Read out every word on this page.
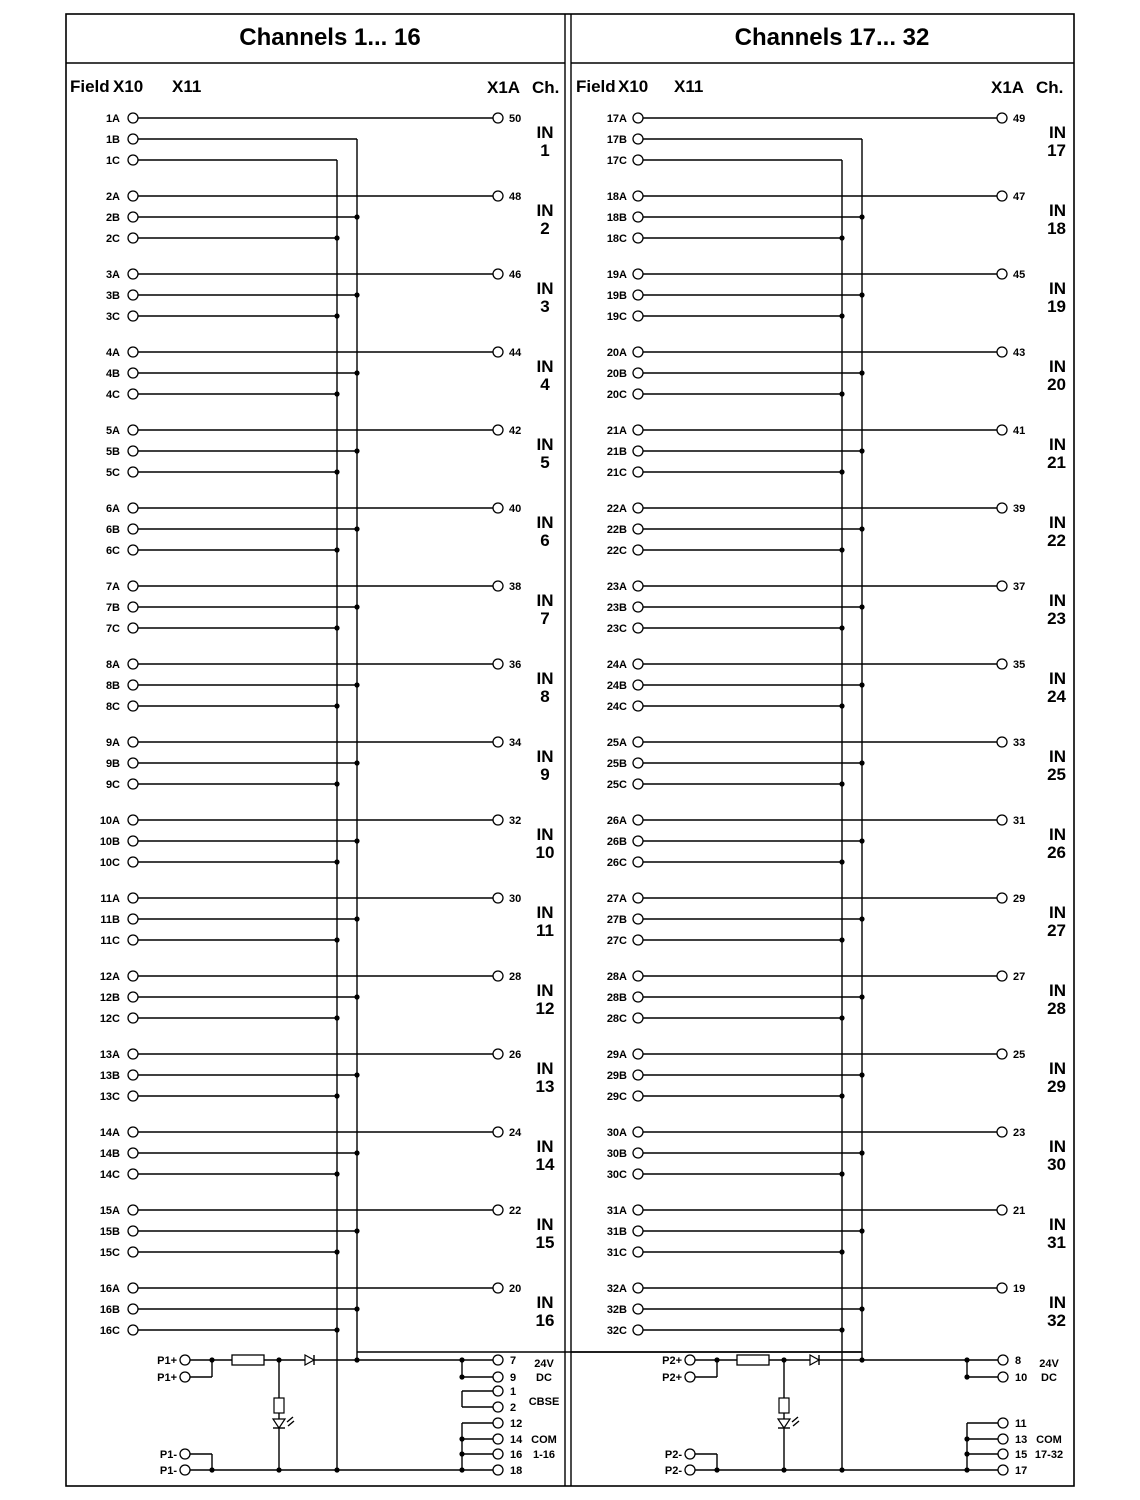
Channels 1... 16
Field X10 X11	X1A Ch.
1A
1B
1C
50
IN
1
2A
2B
2C
48
IN
2
3A
3B
3C
46
IN
3
4A
4B
4C
44
IN
4
5A
5B
5C
42
IN
5
6A
6B
6C
40
IN
6
7A
7B
7C
38
IN
7
8A
8B
8C
36
IN
8
9A
9B
9C
34
IN
9
10A
10B
10C
32
IN
10
11A
11B
11C
30
IN
11
12A
12B
12C
28
IN
12
13A
13B
13C
26
IN
13
14A
14B
14C
24
IN
14
15A
15B
15C
22
IN
15
16A
16B
16C
20
IN
16
P1+
P1+
P1-
P1-
7
9
24V
DC
1
2 CBSE
12
14
16
18
COM
1-16
Channels 17... 32
Field X10 X11	X1A Ch.
17A
17B
17C
49
IN
17
18A
18B
18C
47
IN
18
19A
19B
19C
45
IN
19
20A
20B
20C
43
IN
20
21A
21B
21C
41
IN
21
22A
22B
22C
39
IN
22
23A
23B
23C
37
IN
23
24A
24B
24C
35
IN
24
25A
25B
25C
33
IN
25
26A
26B
26C
31
IN
26
27A
27B
27C
29
IN
27
28A
28B
28C
27
IN
28
29A
29B
29C
25
IN
29
30A
30B
30C
23
IN
30
31A
31B
31C
21
IN
31
32A
32B
32C
19
IN
32
P2+
P2+
P2-
P2-
8
10
24V
DC
11
13
15
17
COM
17-32
